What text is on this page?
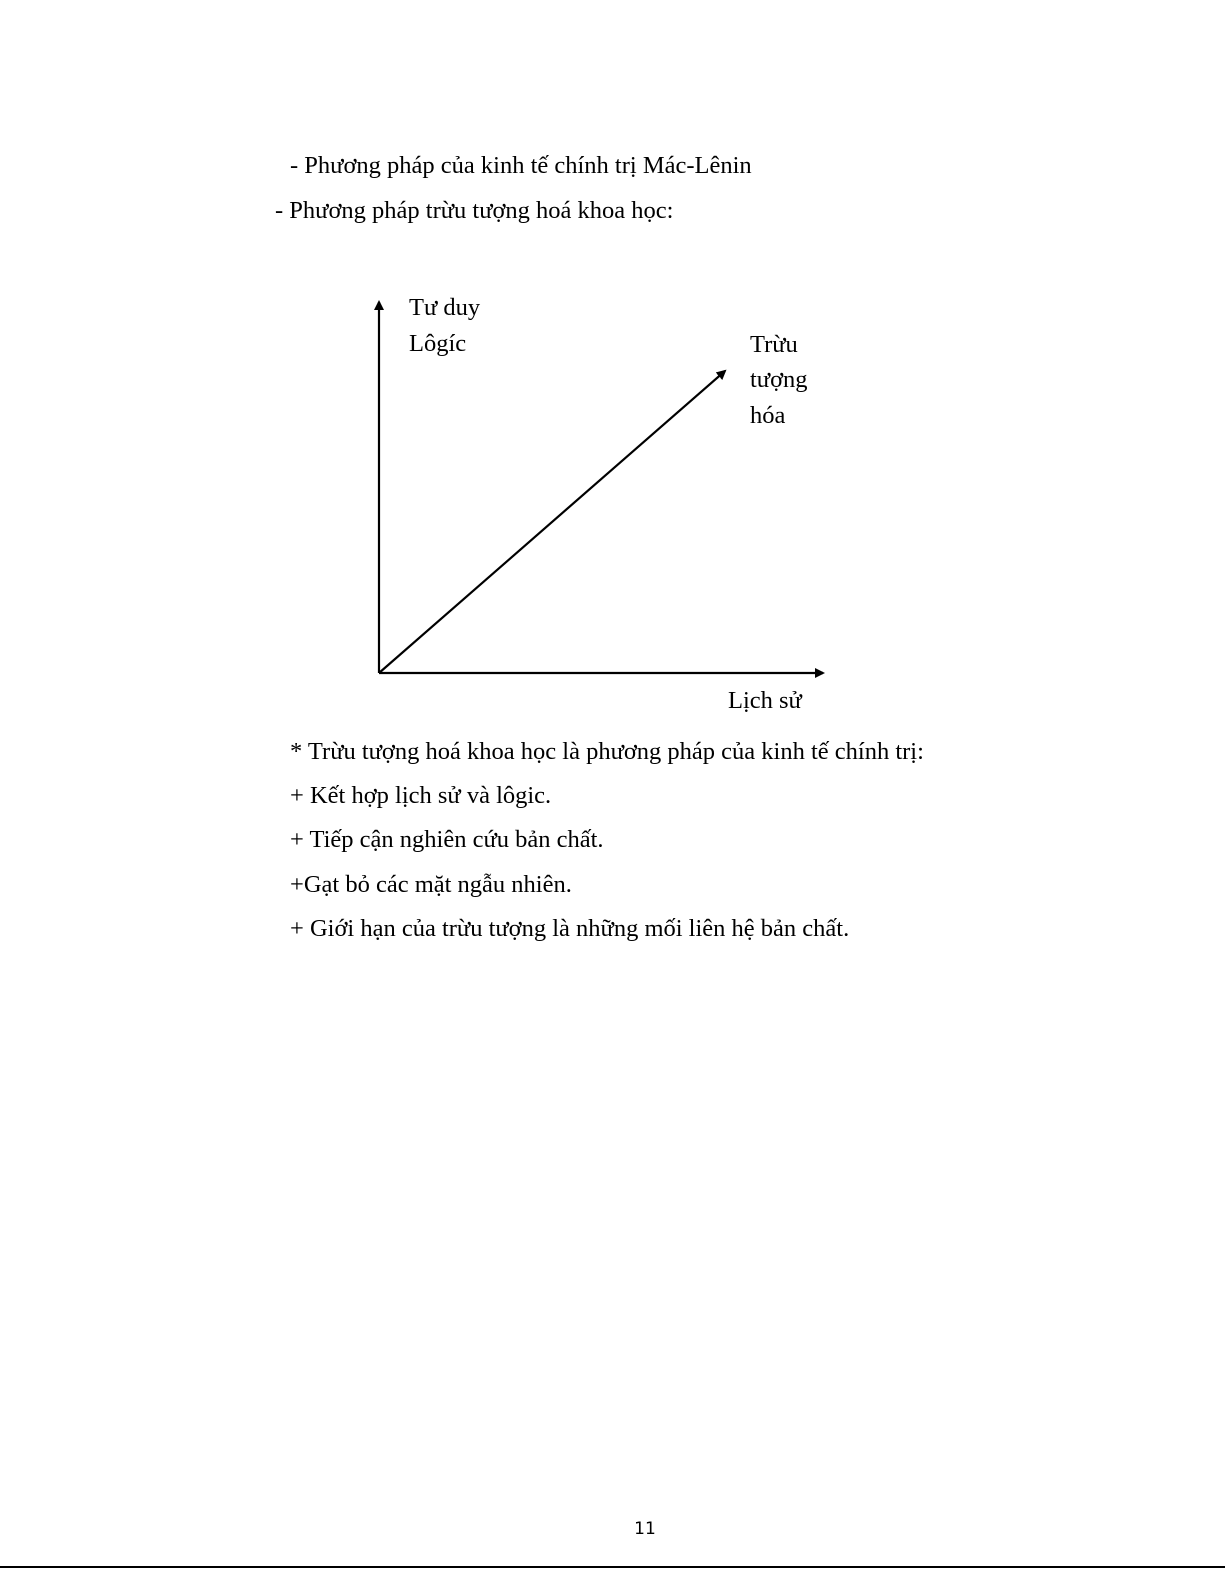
- Phương pháp của kinh tế chính trị Mác-Lênin
- Phương pháp trừu tượng hoá khoa học:
Tư duy
Lôgíc	Trừu
tượng
hóa
Lịch sử
* Trừu tượng hoá khoa học là phương pháp của kinh tế chính trị:
+ Kết hợp lịch sử và lôgic.
+ Tiếp cận nghiên cứu bản chất.
+Gạt bỏ các mặt ngẫu nhiên.
+ Giới hạn của trừu tượng là những mối liên hệ bản chất.
11
